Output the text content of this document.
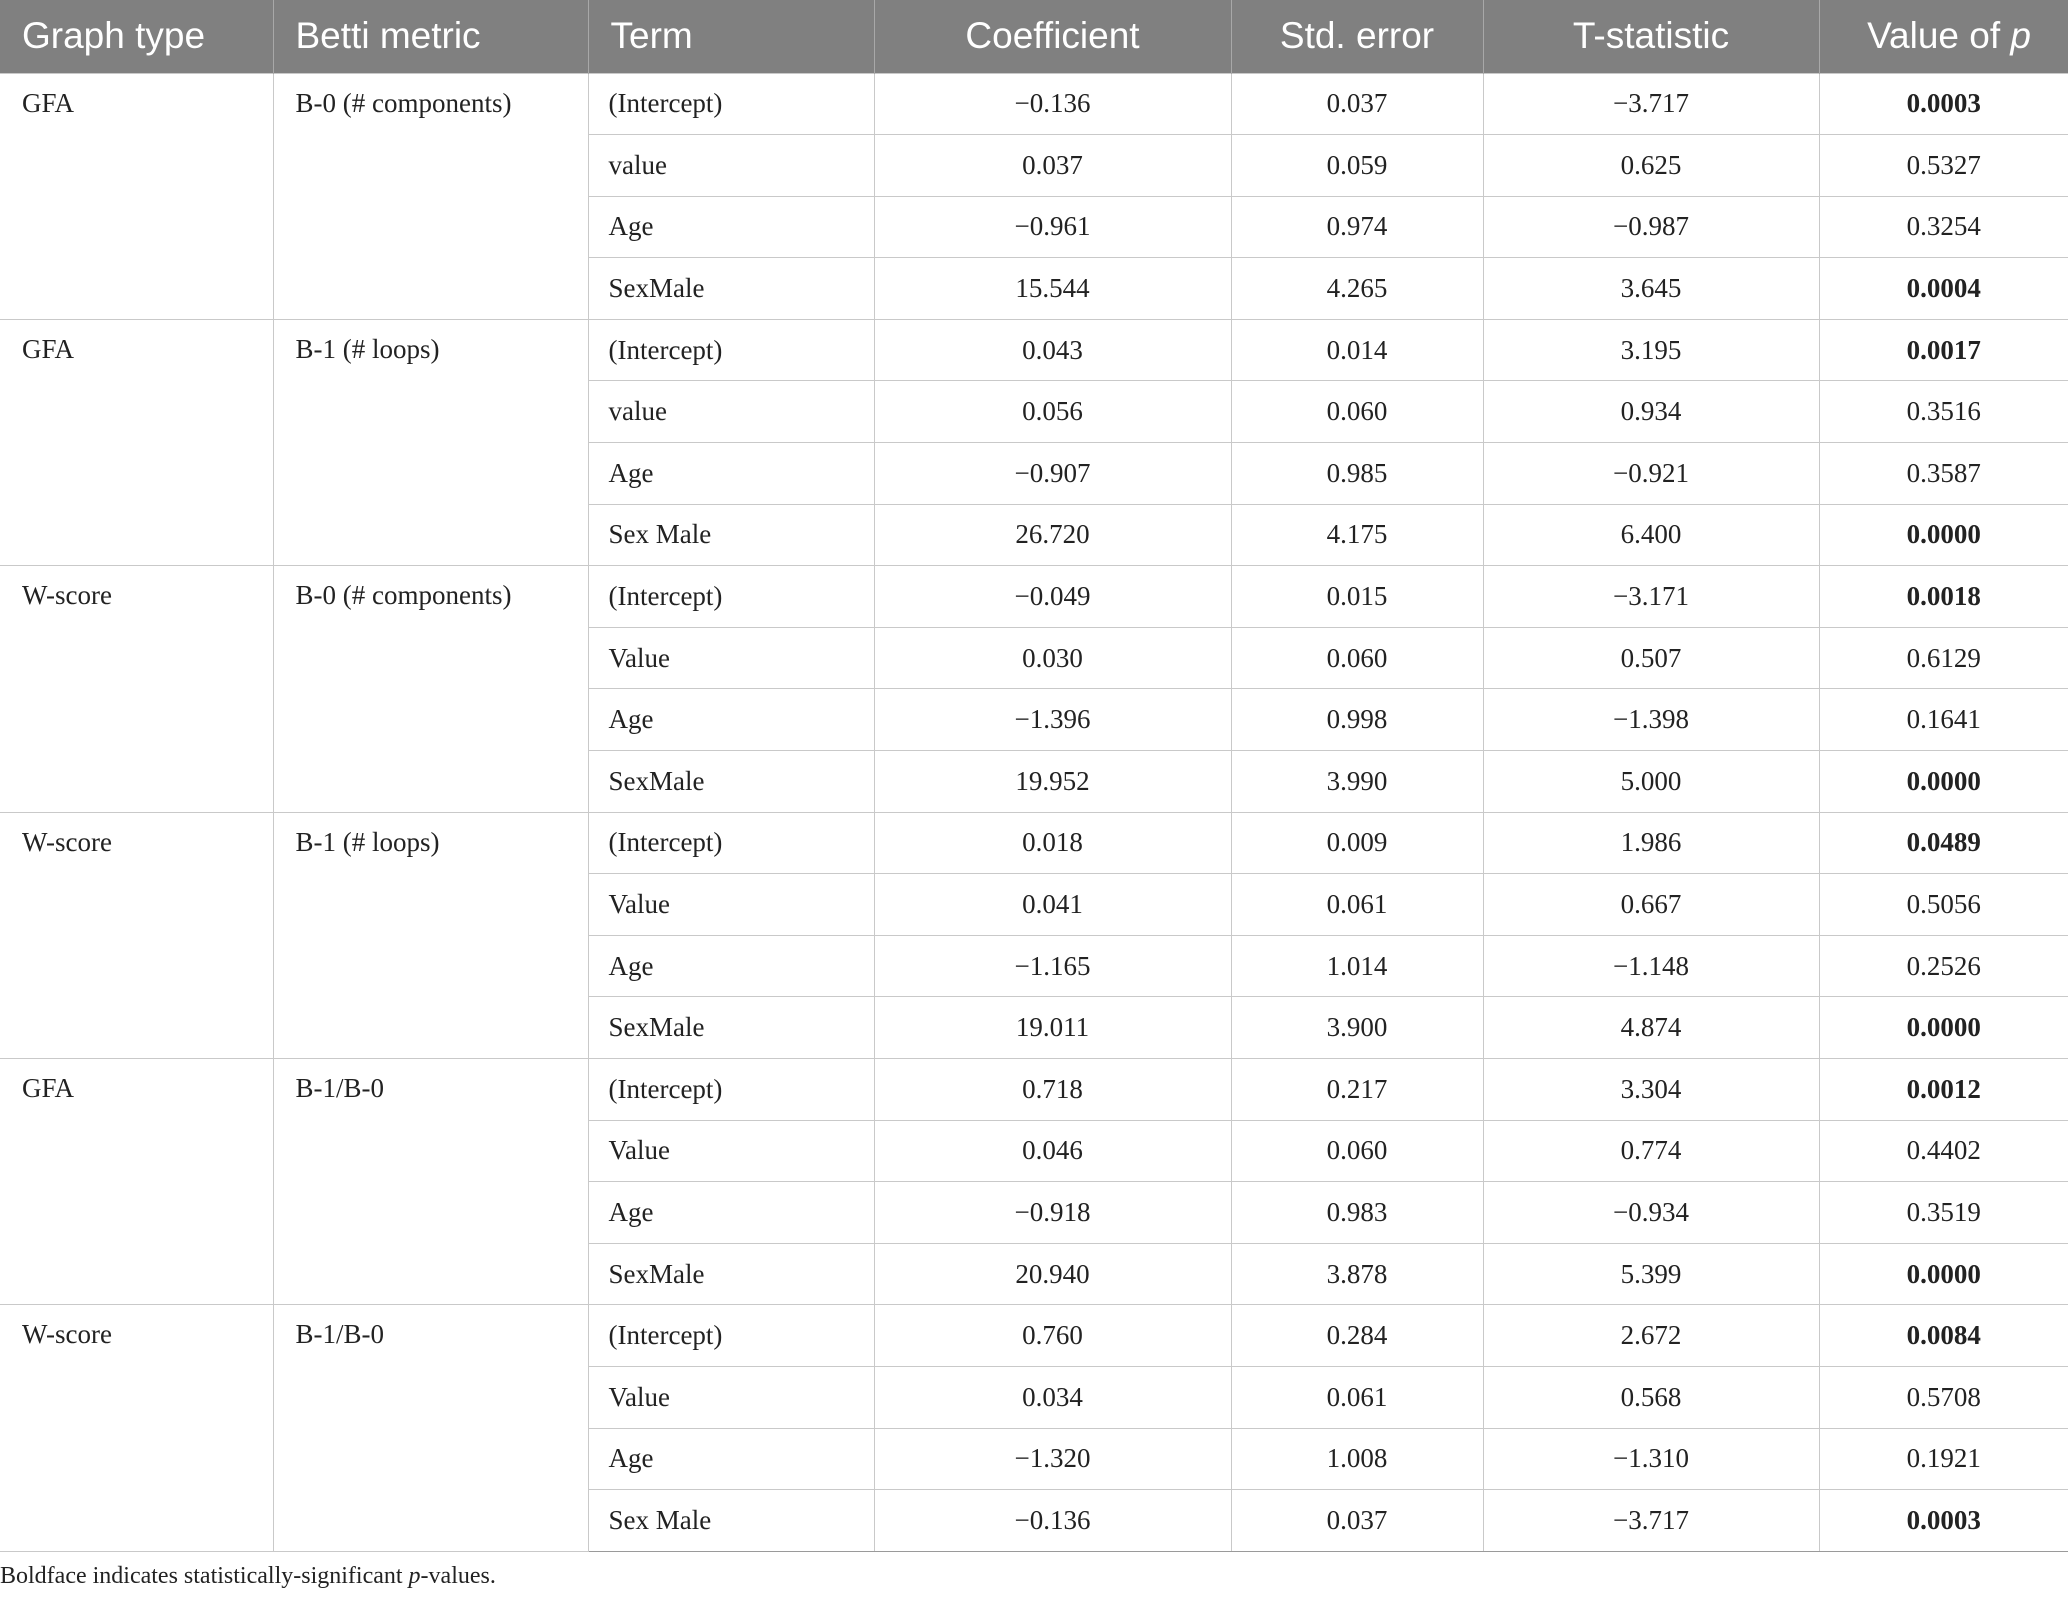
Graph type	Betti metric	Term	Coefficient	Std. error	T-statistic	Value of p
GFA	B-0 (# components)	(Intercept)	−0.136	0.037	−3.717	0.0003
		value	0.037	0.059	0.625	0.5327
		Age	−0.961	0.974	−0.987	0.3254
		SexMale	15.544	4.265	3.645	0.0004
GFA	B-1 (# loops)	(Intercept)	0.043	0.014	3.195	0.0017
		value	0.056	0.060	0.934	0.3516
		Age	−0.907	0.985	−0.921	0.3587
		Sex Male	26.720	4.175	6.400	0.0000
W-score	B-0 (# components)	(Intercept)	−0.049	0.015	−3.171	0.0018
		Value	0.030	0.060	0.507	0.6129
		Age	−1.396	0.998	−1.398	0.1641
		SexMale	19.952	3.990	5.000	0.0000
W-score	B-1 (# loops)	(Intercept)	0.018	0.009	1.986	0.0489
		Value	0.041	0.061	0.667	0.5056
		Age	−1.165	1.014	−1.148	0.2526
		SexMale	19.011	3.900	4.874	0.0000
GFA	B-1/B-0	(Intercept)	0.718	0.217	3.304	0.0012
		Value	0.046	0.060	0.774	0.4402
		Age	−0.918	0.983	−0.934	0.3519
		SexMale	20.940	3.878	5.399	0.0000
W-score	B-1/B-0	(Intercept)	0.760	0.284	2.672	0.0084
		Value	0.034	0.061	0.568	0.5708
		Age	−1.320	1.008	−1.310	0.1921
		Sex Male	−0.136	0.037	−3.717	0.0003
Boldface indicates statistically-significant p-values.
